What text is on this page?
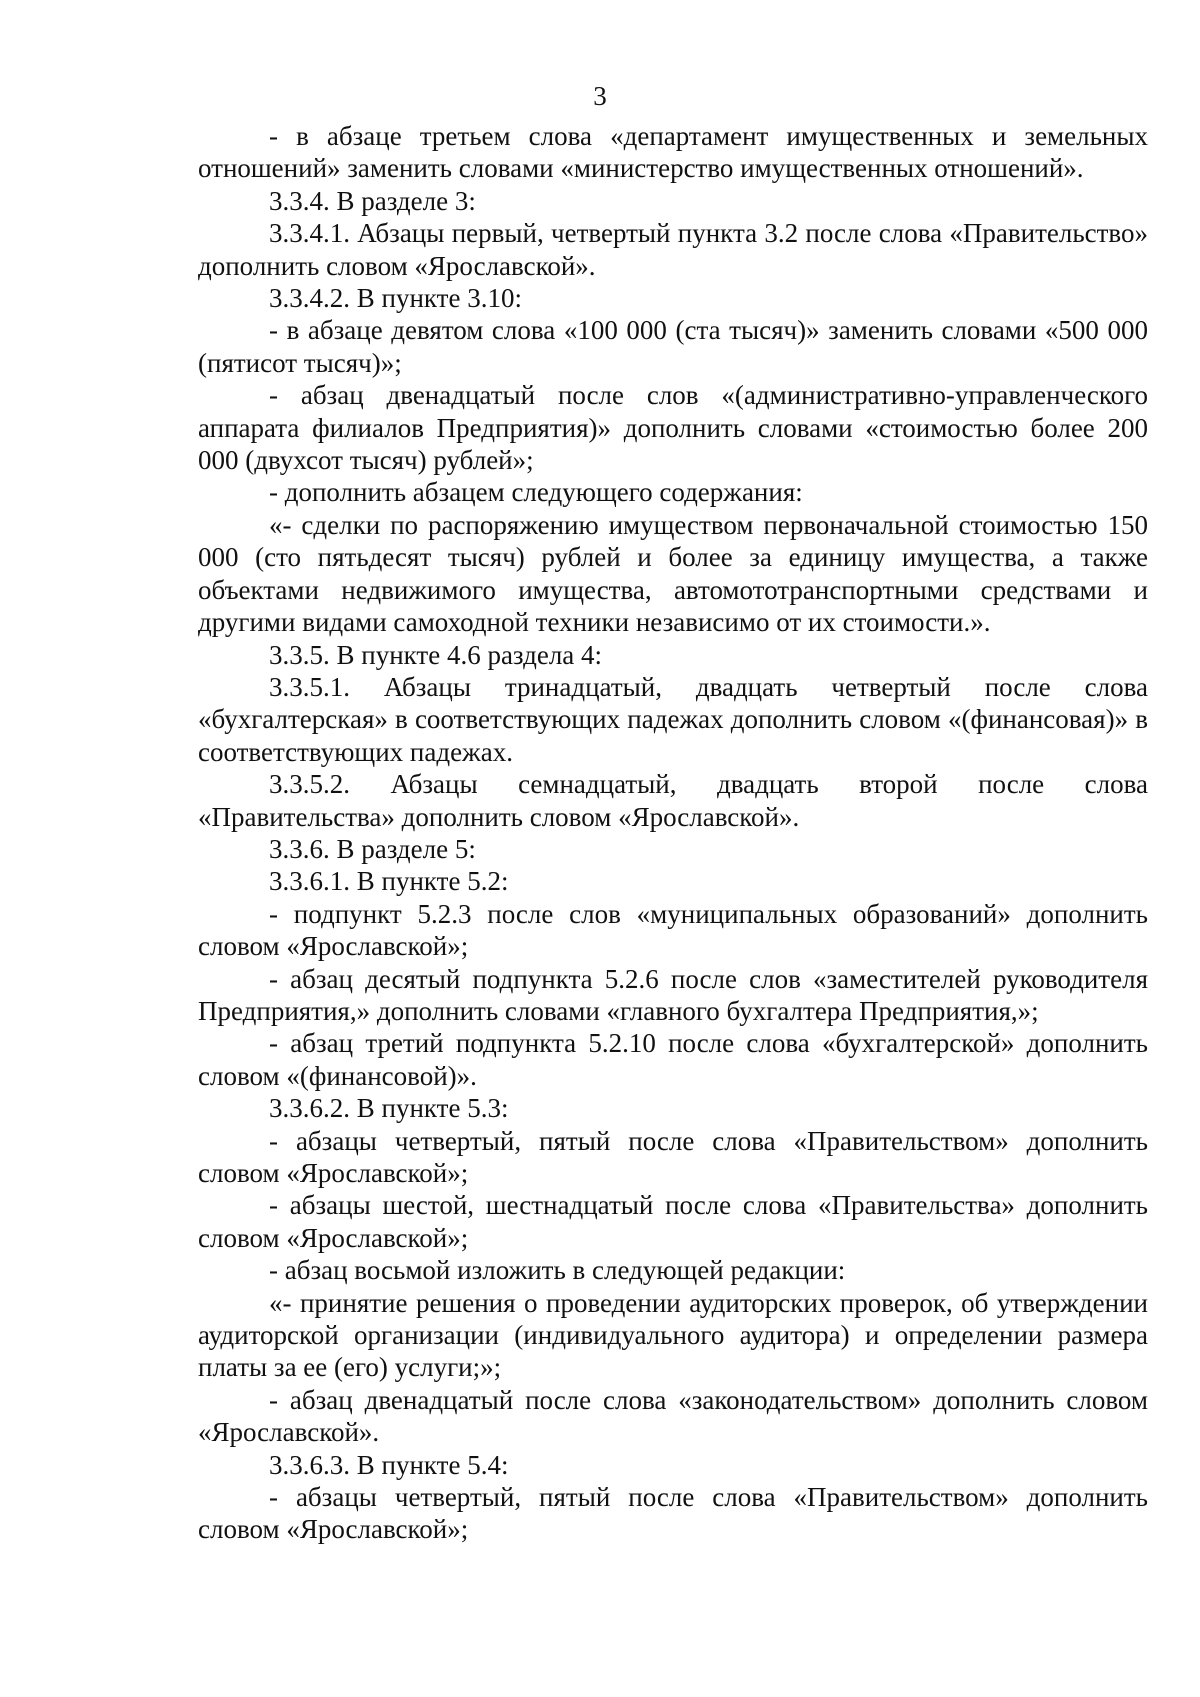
3

- в абзаце третьем слова «департамент имущественных и земельных отношений» заменить словами «министерство имущественных отношений».

3.3.4. В разделе 3:

3.3.4.1. Абзацы первый, четвертый пункта 3.2 после слова «Правительство» дополнить словом «Ярославской».

3.3.4.2. В пункте 3.10:

- в абзаце девятом слова «100 000 (ста тысяч)» заменить словами «500 000 (пятисот тысяч)»;

- абзац двенадцатый после слов «(административно-управленческого аппарата филиалов Предприятия)» дополнить словами «стоимостью более 200 000 (двухсот тысяч) рублей»;

- дополнить абзацем следующего содержания:

«- сделки по распоряжению имуществом первоначальной стоимостью 150 000 (сто пятьдесят тысяч) рублей и более за единицу имущества, а также объектами недвижимого имущества, автомототранспортными средствами и другими видами самоходной техники независимо от их стоимости.».

3.3.5. В пункте 4.6 раздела 4:

3.3.5.1. Абзацы тринадцатый, двадцать четвертый после слова «бухгалтерская» в соответствующих падежах дополнить словом «(финансовая)» в соответствующих падежах.

3.3.5.2. Абзацы семнадцатый, двадцать второй после слова «Правительства» дополнить словом «Ярославской».

3.3.6. В разделе 5:

3.3.6.1. В пункте 5.2:

- подпункт 5.2.3 после слов «муниципальных образований» дополнить словом «Ярославской»;

- абзац десятый подпункта 5.2.6 после слов «заместителей руководителя Предприятия,» дополнить словами «главного бухгалтера Предприятия,»;

- абзац третий подпункта 5.2.10 после слова «бухгалтерской» дополнить словом «(финансовой)».

3.3.6.2. В пункте 5.3:

- абзацы четвертый, пятый после слова «Правительством» дополнить словом «Ярославской»;

- абзацы шестой, шестнадцатый после слова «Правительства» дополнить словом «Ярославской»;

- абзац восьмой изложить в следующей редакции:

«- принятие решения о проведении аудиторских проверок, об утверждении аудиторской организации (индивидуального аудитора) и определении размера платы за ее (его) услуги;»;

- абзац двенадцатый после слова «законодательством» дополнить словом «Ярославской».

3.3.6.3. В пункте 5.4:

- абзацы четвертый, пятый после слова «Правительством» дополнить словом «Ярославской»;
